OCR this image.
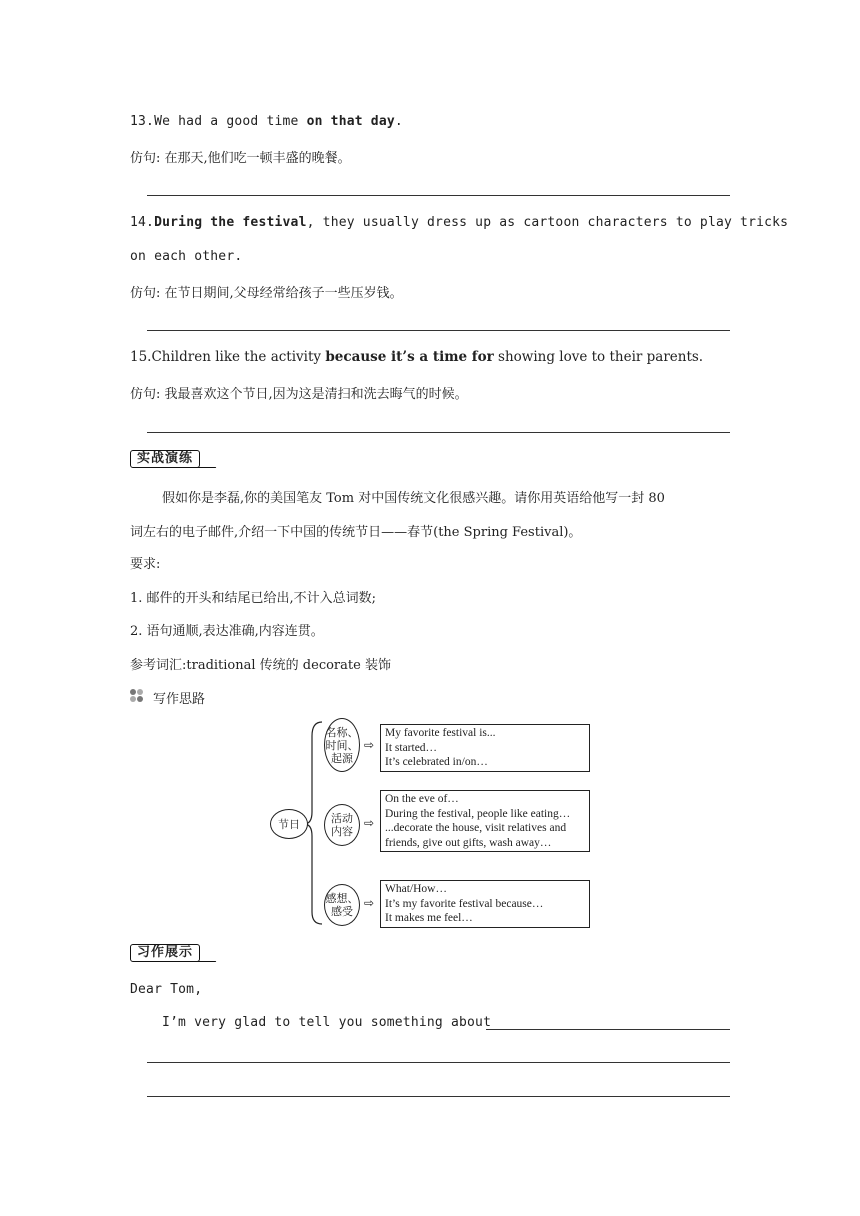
13.We had a good time on that day.
仿句: 在那天,他们吃一顿丰盛的晚餐。
14.During the festival, they usually dress up as cartoon characters to play tricks
on each other.
仿句: 在节日期间,父母经常给孩子一些压岁钱。
15.Children like the activity because it’s a time for showing love to their parents.
仿句: 我最喜欢这个节日,因为这是清扫和洗去晦气的时候。
实战演练
假如你是李磊,你的美国笔友 Tom 对中国传统文化很感兴趣。请你用英语给他写一封 80
词左右的电子邮件,介绍一下中国的传统节日——春节(the Spring Festival)。
要求:
1. 邮件的开头和结尾已给出,不计入总词数;
2. 语句通顺,表达准确,内容连贯。
参考词汇:traditional 传统的 decorate 装饰
写作思路
节日
名称、
时间、
起源
⇨
My favorite festival is...
It started…
It’s celebrated in/on…
活动
内容
⇨
On the eve of…
During the festival, people like eating…
...decorate the house, visit relatives and
friends, give out gifts, wash away…
感想、
感受
⇨
What/How…
It’s my favorite festival because…
It makes me feel…
习作展示
Dear Tom,
I’m very glad to tell you something about
